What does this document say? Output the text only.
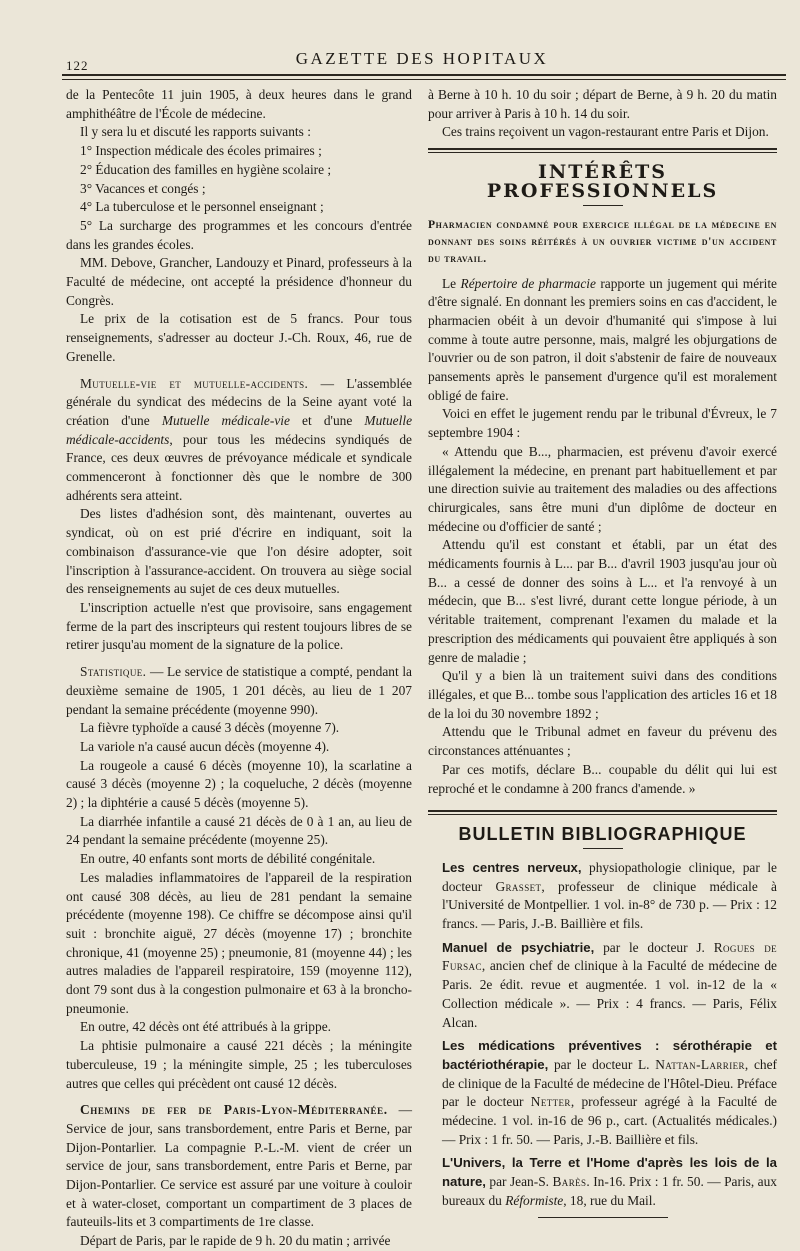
122	GAZETTE DES HOPITAUX

de la Pentecôte 11 juin 1905, à deux heures dans le grand amphithéâtre de l'École de médecine.

Il y sera lu et discuté les rapports suivants :

1° Inspection médicale des écoles primaires ;

2° Éducation des familles en hygiène scolaire ;

3° Vacances et congés ;

4° La tuberculose et le personnel enseignant ;

5° La surcharge des programmes et les concours d'entrée dans les grandes écoles.

MM. Debove, Grancher, Landouzy et Pinard, professeurs à la Faculté de médecine, ont accepté la présidence d'honneur du Congrès.

Le prix de la cotisation est de 5 francs. Pour tous renseignements, s'adresser au docteur J.-Ch. Roux, 46, rue de Grenelle.

Mutuelle-vie et mutuelle-accidents. — L'assemblée générale du syndicat des médecins de la Seine ayant voté la création d'une Mutuelle médicale-vie et d'une Mutuelle médicale-accidents, pour tous les médecins syndiqués de France, ces deux œuvres de prévoyance médicale et syndicale commenceront à fonctionner dès que le nombre de 300 adhérents sera atteint.

Des listes d'adhésion sont, dès maintenant, ouvertes au syndicat, où on est prié d'écrire en indiquant, soit la combinaison d'assurance-vie que l'on désire adopter, soit l'inscription à l'assurance-accident. On trouvera au siège social des renseignements au sujet de ces deux mutuelles.

L'inscription actuelle n'est que provisoire, sans engagement ferme de la part des inscripteurs qui restent toujours libres de se retirer jusqu'au moment de la signature de la police.

Statistique. — Le service de statistique a compté, pendant la deuxième semaine de 1905, 1 201 décès, au lieu de 1 207 pendant la semaine précédente (moyenne 990).

La fièvre typhoïde a causé 3 décès (moyenne 7).

La variole n'a causé aucun décès (moyenne 4).

La rougeole a causé 6 décès (moyenne 10), la scarlatine a causé 3 décès (moyenne 2) ; la coqueluche, 2 décès (moyenne 2) ; la diphtérie a causé 5 décès (moyenne 5).

La diarrhée infantile a causé 21 décès de 0 à 1 an, au lieu de 24 pendant la semaine précédente (moyenne 25).

En outre, 40 enfants sont morts de débilité congénitale.

Les maladies inflammatoires de l'appareil de la respiration ont causé 308 décès, au lieu de 281 pendant la semaine précédente (moyenne 198). Ce chiffre se décompose ainsi qu'il suit : bronchite aiguë, 27 décès (moyenne 17) ; bronchite chronique, 41 (moyenne 25) ; pneumonie, 81 (moyenne 44) ; les autres maladies de l'appareil respiratoire, 159 (moyenne 112), dont 79 sont dus à la congestion pulmonaire et 63 à la broncho-pneumonie.

En outre, 42 décès ont été attribués à la grippe.

La phtisie pulmonaire a causé 221 décès ; la méningite tuberculeuse, 19 ; la méningite simple, 25 ; les tuberculoses autres que celles qui précèdent ont causé 12 décès.

Chemins de fer de Paris-Lyon-Méditerranée. — Service de jour, sans transbordement, entre Paris et Berne, par Dijon-Pontarlier. La compagnie P.-L.-M. vient de créer un service de jour, sans transbordement, entre Paris et Berne, par Dijon-Pontarlier. Ce service est assuré par une voiture à couloir et à water-closet, comportant un compartiment de 3 places de fauteuils-lits et 3 compartiments de 1re classe.

Départ de Paris, par le rapide de 9 h. 20 du matin ; arrivée

à Berne à 10 h. 10 du soir ; départ de Berne, à 9 h. 20 du matin pour arriver à Paris à 10 h. 14 du soir.

Ces trains reçoivent un vagon-restaurant entre Paris et Dijon.

INTÉRÊTS PROFESSIONNELS
Pharmacien condamné pour exercice illégal de la médecine en donnant des soins réitérés à un ouvrier victime d'un accident du travail.

Le Répertoire de pharmacie rapporte un jugement qui mérite d'être signalé. En donnant les premiers soins en cas d'accident, le pharmacien obéit à un devoir d'humanité qui s'impose à lui comme à toute autre personne, mais, malgré les objurgations de l'ouvrier ou de son patron, il doit s'abstenir de faire de nouveaux pansements après le pansement d'urgence qu'il est moralement obligé de faire.

Voici en effet le jugement rendu par le tribunal d'Évreux, le 7 septembre 1904 :

« Attendu que B..., pharmacien, est prévenu d'avoir exercé illégalement la médecine, en prenant part habituellement et par une direction suivie au traitement des maladies ou des affections chirurgicales, sans être muni d'un diplôme de docteur en médecine ou d'officier de santé ;

Attendu qu'il est constant et établi, par un état des médicaments fournis à L... par B... d'avril 1903 jusqu'au jour où B... a cessé de donner des soins à L... et l'a renvoyé à un médecin, que B... s'est livré, durant cette longue période, à un véritable traitement, comprenant l'examen du malade et la prescription des médicaments qui pouvaient être appliqués à son genre de maladie ;

Qu'il y a bien là un traitement suivi dans des conditions illégales, et que B... tombe sous l'application des articles 16 et 18 de la loi du 30 novembre 1892 ;

Attendu que le Tribunal admet en faveur du prévenu des circonstances atténuantes ;

Par ces motifs, déclare B... coupable du délit qui lui est reproché et le condamne à 200 francs d'amende. »

BULLETIN BIBLIOGRAPHIQUE

Les centres nerveux, physiopathologie clinique, par le docteur Grasset, professeur de clinique médicale à l'Université de Montpellier. 1 vol. in-8° de 730 p. — Prix : 12 francs. — Paris, J.-B. Baillière et fils.

Manuel de psychiatrie, par le docteur J. Rogues de Fursac, ancien chef de clinique à la Faculté de médecine de Paris. 2e édit. revue et augmentée. 1 vol. in-12 de la « Collection médicale ». — Prix : 4 francs. — Paris, Félix Alcan.

Les médications préventives : sérothérapie et bactériothérapie, par le docteur L. Nattan-Larrier, chef de clinique de la Faculté de médecine de l'Hôtel-Dieu. Préface par le docteur Netter, professeur agrégé à la Faculté de médecine. 1 vol. in-16 de 96 p., cart. (Actualités médicales.) — Prix : 1 fr. 50. — Paris, J.-B. Baillière et fils.

L'Univers, la Terre et l'Home d'après les lois de la nature, par Jean-S. Barès. In-16. Prix : 1 fr. 50. — Paris, aux bureaux du Réformiste, 18, rue du Mail.
